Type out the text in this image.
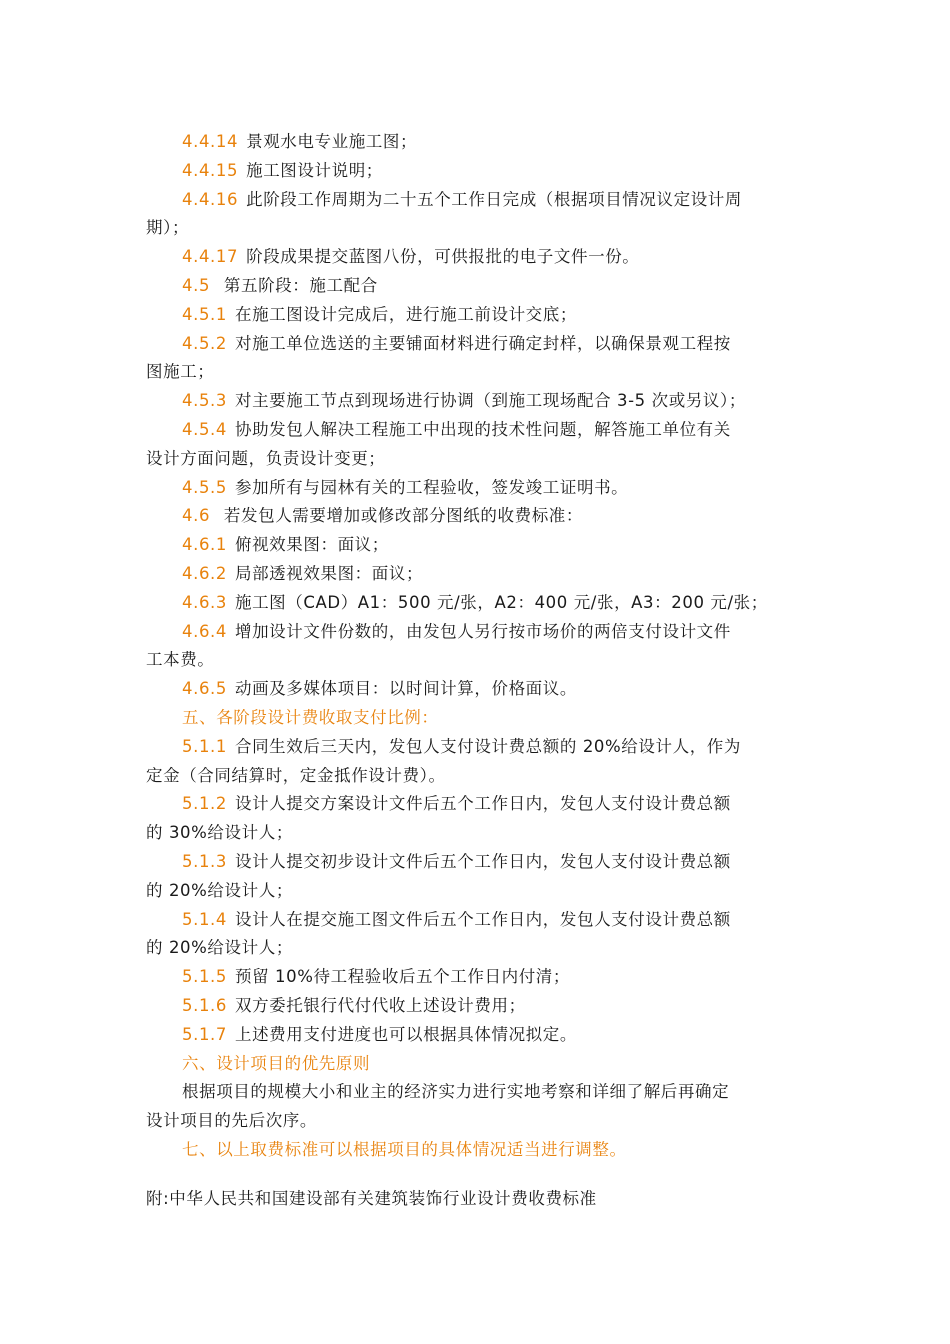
4.4.14 景观水电专业施工图；
4.4.15 施工图设计说明；
4.4.16 此阶段工作周期为二十五个工作日完成（根据项目情况议定设计周
期）；
4.4.17 阶段成果提交蓝图八份，可供报批的电子文件一份。
4.5 第五阶段：施工配合
4.5.1 在施工图设计完成后，进行施工前设计交底；
4.5.2 对施工单位选送的主要铺面材料进行确定封样，以确保景观工程按
图施工；
4.5.3 对主要施工节点到现场进行协调（到施工现场配合 3-5 次或另议）；
4.5.4 协助发包人解决工程施工中出现的技术性问题，解答施工单位有关
设计方面问题，负责设计变更；
4.5.5 参加所有与园林有关的工程验收，签发竣工证明书。
4.6 若发包人需要增加或修改部分图纸的收费标准：
4.6.1 俯视效果图：面议；
4.6.2 局部透视效果图：面议；
4.6.3 施工图（CAD）A1：500 元/张，A2：400 元/张，A3：200 元/张；
4.6.4 增加设计文件份数的，由发包人另行按市场价的两倍支付设计文件
工本费。
4.6.5 动画及多媒体项目：以时间计算，价格面议。
五、各阶段设计费收取支付比例：
5.1.1 合同生效后三天内，发包人支付设计费总额的 20%给设计人，作为
定金（合同结算时，定金抵作设计费）。
5.1.2 设计人提交方案设计文件后五个工作日内，发包人支付设计费总额
的 30%给设计人；
5.1.3 设计人提交初步设计文件后五个工作日内，发包人支付设计费总额
的 20%给设计人；
5.1.4 设计人在提交施工图文件后五个工作日内，发包人支付设计费总额
的 20%给设计人；
5.1.5 预留 10%待工程验收后五个工作日内付清；
5.1.6 双方委托银行代付代收上述设计费用；
5.1.7 上述费用支付进度也可以根据具体情况拟定。
六、设计项目的优先原则
根据项目的规模大小和业主的经济实力进行实地考察和详细了解后再确定
设计项目的先后次序。
七、以上取费标准可以根据项目的具体情况适当进行调整。
附:中华人民共和国建设部有关建筑装饰行业设计费收费标准
